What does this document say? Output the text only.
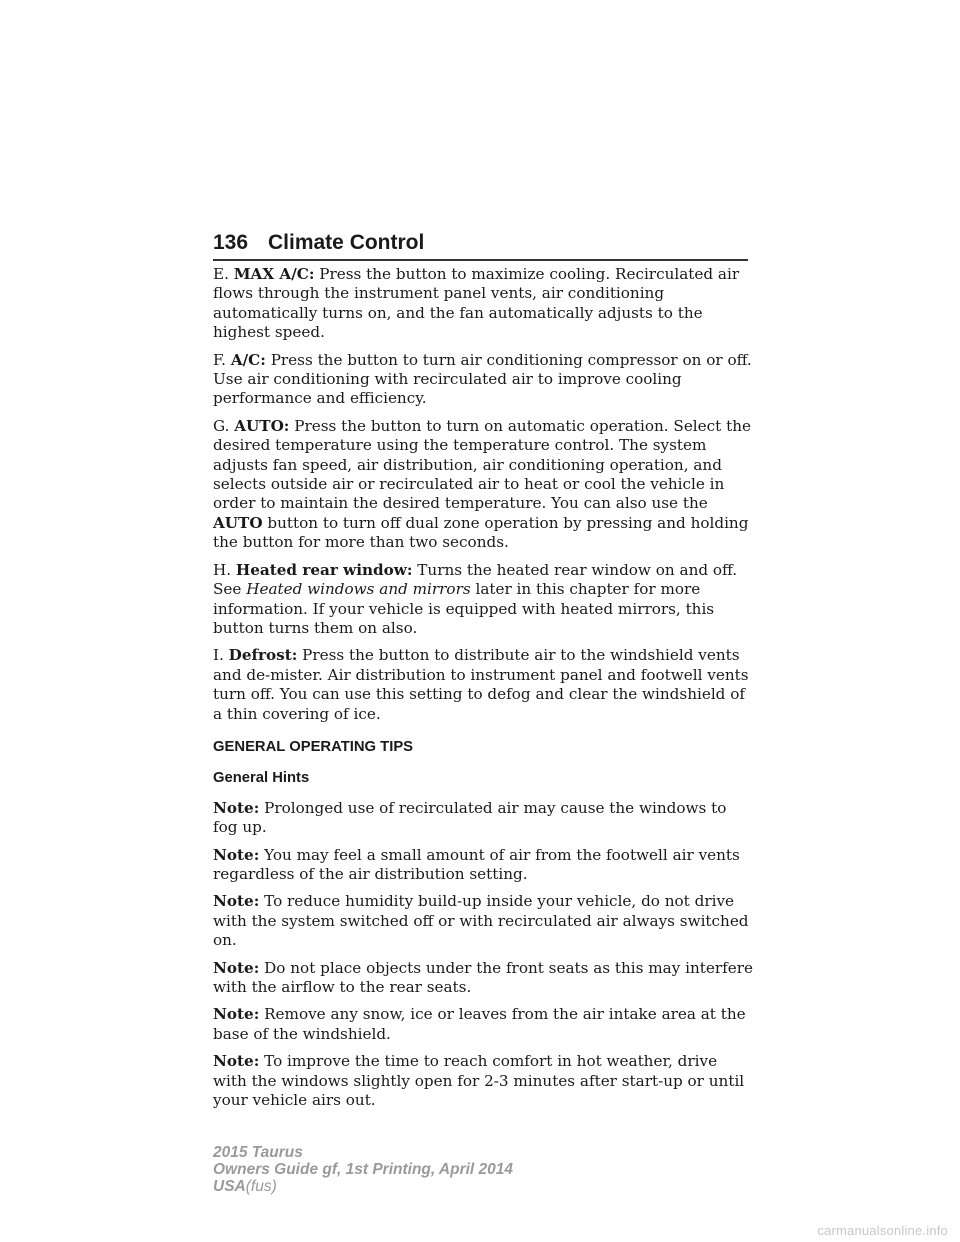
136 Climate Control

E. MAX A/C: Press the button to maximize cooling. Recirculated air flows through the instrument panel vents, air conditioning automatically turns on, and the fan automatically adjusts to the highest speed.

F. A/C: Press the button to turn air conditioning compressor on or off. Use air conditioning with recirculated air to improve cooling performance and efficiency.

G. AUTO: Press the button to turn on automatic operation. Select the desired temperature using the temperature control. The system adjusts fan speed, air distribution, air conditioning operation, and selects outside air or recirculated air to heat or cool the vehicle in order to maintain the desired temperature. You can also use the AUTO button to turn off dual zone operation by pressing and holding the button for more than two seconds.

H. Heated rear window: Turns the heated rear window on and off. See Heated windows and mirrors later in this chapter for more information. If your vehicle is equipped with heated mirrors, this button turns them on also.

I. Defrost: Press the button to distribute air to the windshield vents and de-mister. Air distribution to instrument panel and footwell vents turn off. You can use this setting to defog and clear the windshield of a thin covering of ice.

GENERAL OPERATING TIPS

General Hints

Note: Prolonged use of recirculated air may cause the windows to fog up.

Note: You may feel a small amount of air from the footwell air vents regardless of the air distribution setting.

Note: To reduce humidity build-up inside your vehicle, do not drive with the system switched off or with recirculated air always switched on.

Note: Do not place objects under the front seats as this may interfere with the airflow to the rear seats.

Note: Remove any snow, ice or leaves from the air intake area at the base of the windshield.

Note: To improve the time to reach comfort in hot weather, drive with the windows slightly open for 2-3 minutes after start-up or until your vehicle airs out.

2015 Taurus
Owners Guide gf, 1st Printing, April 2014
USA(fus)
carmanualsonline.info
